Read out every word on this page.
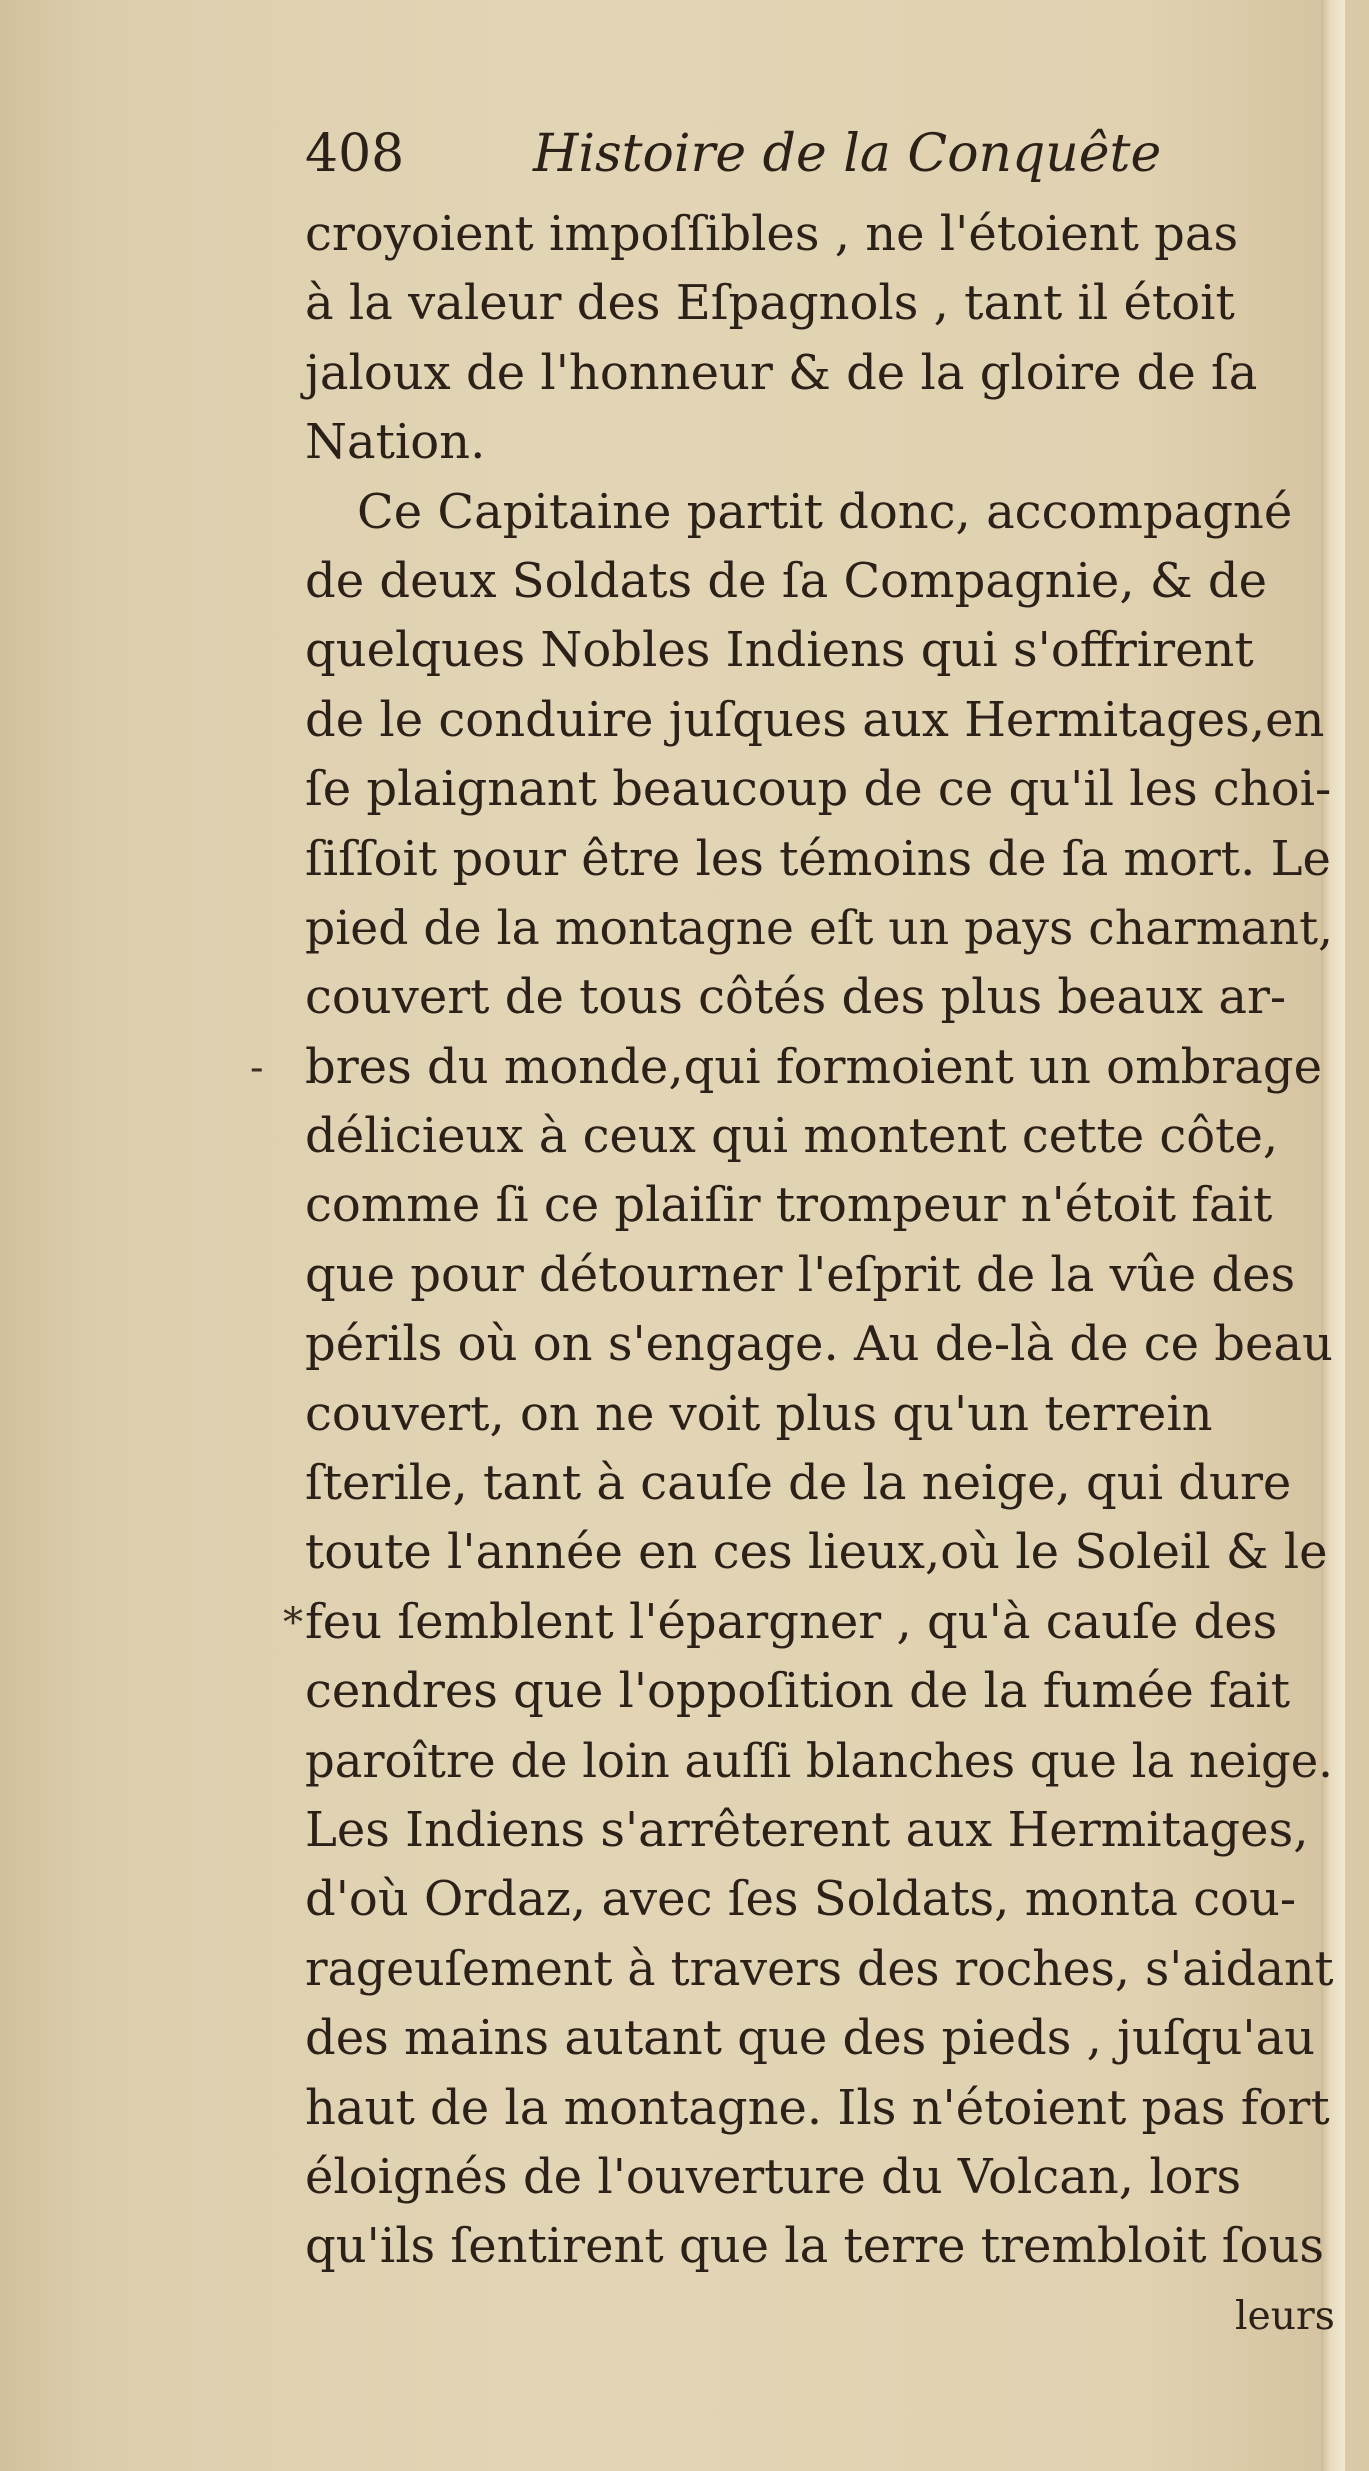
408 Histoire de la Conquête
croyoient impoſſibles , ne l'étoient pas
à la valeur des Eſpagnols , tant il étoit
jaloux de l'honneur & de la gloire de ſa
Nation.
Ce Capitaine partit donc, accompagné
de deux Soldats de ſa Compagnie, & de
quelques Nobles Indiens qui s'offrirent
de le conduire juſques aux Hermitages,en
ſe plaignant beaucoup de ce qu'il les choi-
ſiſſoit pour être les témoins de ſa mort. Le
pied de la montagne eſt un pays charmant,
couvert de tous côtés des plus beaux ar-
bres du monde,qui formoient un ombrage
délicieux à ceux qui montent cette côte,
comme ſi ce plaiſir trompeur n'étoit fait
que pour détourner l'eſprit de la vûe des
périls où on s'engage. Au de-là de ce beau
couvert, on ne voit plus qu'un terrein
ſterile, tant à cauſe de la neige, qui dure
toute l'année en ces lieux,où le Soleil & le
feu ſemblent l'épargner , qu'à cauſe des
cendres que l'oppoſition de la fumée fait
paroître de loin auſſi blanches que la neige.
Les Indiens s'arrêterent aux Hermitages,
d'où Ordaz, avec ſes Soldats, monta cou-
rageuſement à travers des roches, s'aidant
des mains autant que des pieds , juſqu'au
haut de la montagne. Ils n'étoient pas fort
éloignés de l'ouverture du Volcan, lors
qu'ils ſentirent que la terre trembloit ſous
leurs
-
*
